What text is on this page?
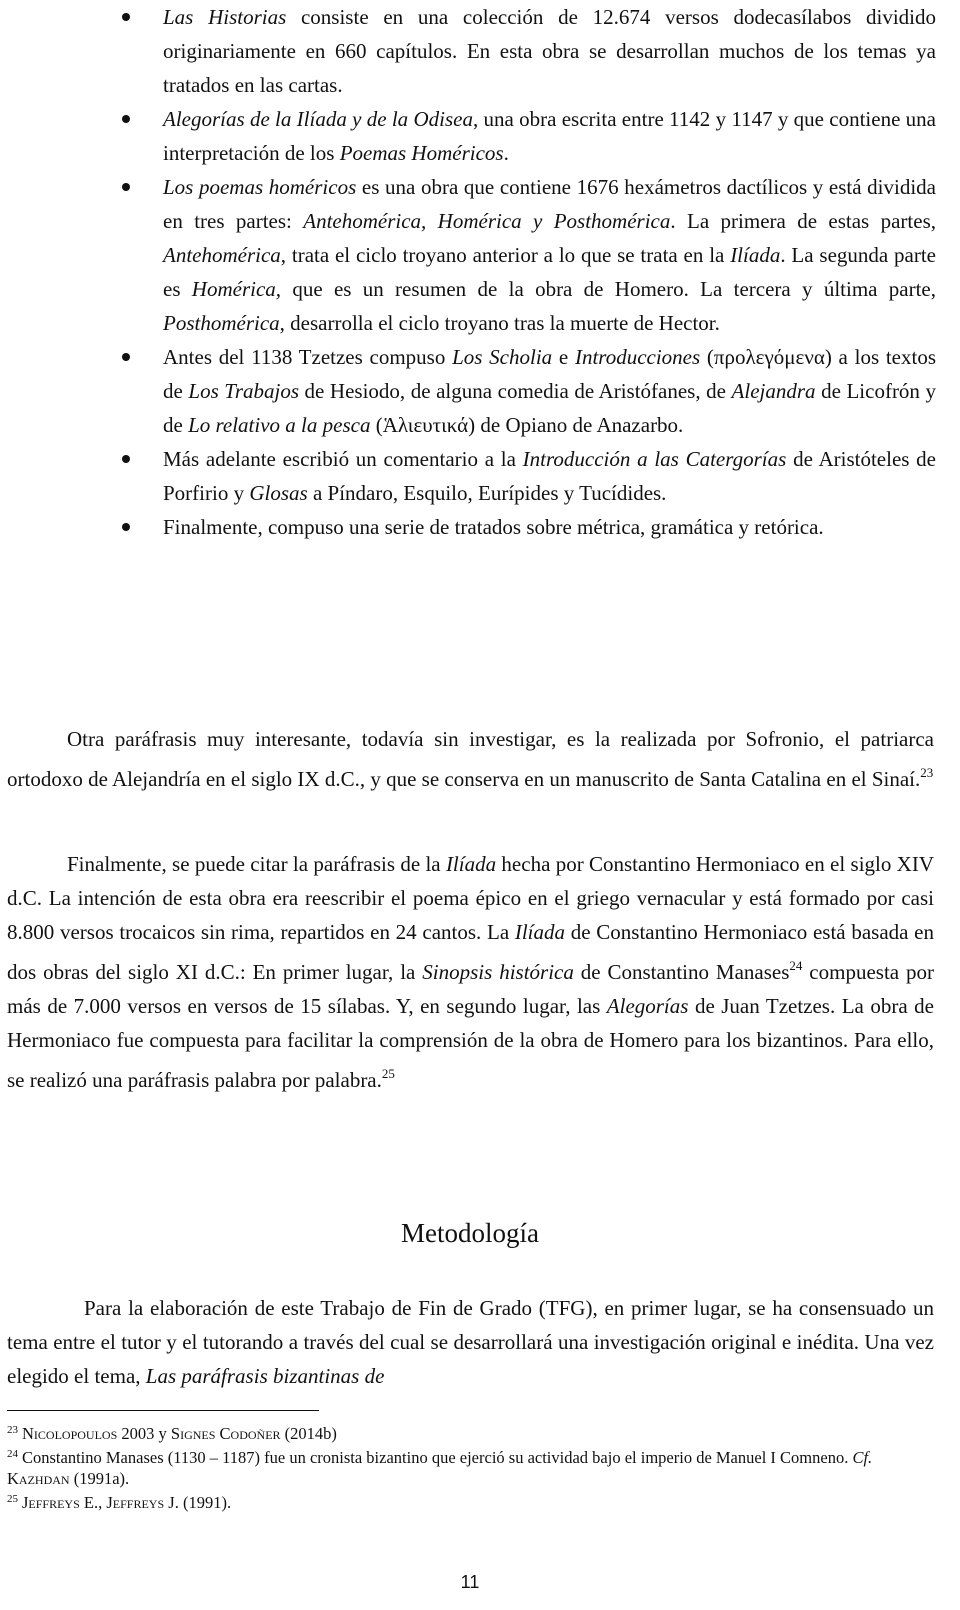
Las Historias consiste en una colección de 12.674 versos dodecasílabos dividido originariamente en 660 capítulos. En esta obra se desarrollan muchos de los temas ya tratados en las cartas.
Alegorías de la Ilíada y de la Odisea, una obra escrita entre 1142 y 1147 y que contiene una interpretación de los Poemas Homéricos.
Los poemas homéricos es una obra que contiene 1676 hexámetros dactílicos y está dividida en tres partes: Antehomérica, Homérica y Posthomérica. La primera de estas partes, Antehomérica, trata el ciclo troyano anterior a lo que se trata en la Ilíada. La segunda parte es Homérica, que es un resumen de la obra de Homero. La tercera y última parte, Posthomérica, desarrolla el ciclo troyano tras la muerte de Hector.
Antes del 1138 Tzetzes compuso Los Scholia e Introducciones (προλεγόμενα) a los textos de Los Trabajos de Hesiodo, de alguna comedia de Aristófanes, de Alejandra de Licofrón y de Lo relativo a la pesca (Ἁλιευτικά) de Opiano de Anazarbo.
Más adelante escribió un comentario a la Introducción a las Catergorías de Aristóteles de Porfirio y Glosas a Píndaro, Esquilo, Eurípides y Tucídides.
Finalmente, compuso una serie de tratados sobre métrica, gramática y retórica.

Otra paráfrasis muy interesante, todavía sin investigar, es la realizada por Sofronio, el patriarca ortodoxo de Alejandría en el siglo IX d.C., y que se conserva en un manuscrito de Santa Catalina en el Sinaí.$^{23}$

Finalmente, se puede citar la paráfrasis de la Ilíada hecha por Constantino Hermoniaco en el siglo XIV d.C. La intención de esta obra era reescribir el poema épico en el griego vernacular y está formado por casi 8.800 versos trocaicos sin rima, repartidos en 24 cantos. La Ilíada de Constantino Hermoniaco está basada en dos obras del siglo XI d.C.: En primer lugar, la Sinopsis histórica de Constantino Manases$^{24}$ compuesta por más de 7.000 versos en versos de 15 sílabas. Y, en segundo lugar, las Alegorías de Juan Tzetzes. La obra de Hermoniaco fue compuesta para facilitar la comprensión de la obra de Homero para los bizantinos. Para ello, se realizó una paráfrasis palabra por palabra.$^{25}$

Metodología

Para la elaboración de este Trabajo de Fin de Grado (TFG), en primer lugar, se ha consensuado un tema entre el tutor y el tutorando a través del cual se desarrollará una investigación original e inédita. Una vez elegido el tema, Las paráfrasis bizantinas de

$^{23}$ Nicolopoulos 2003 y Signes Codoñer (2014b)

$^{24}$ Constantino Manases (1130 – 1187) fue un cronista bizantino que ejerció su actividad bajo el imperio de Manuel I Comneno. Cf. Kazhdan (1991a).

$^{25}$ Jeffreys E., Jeffreys J. (1991).

11
